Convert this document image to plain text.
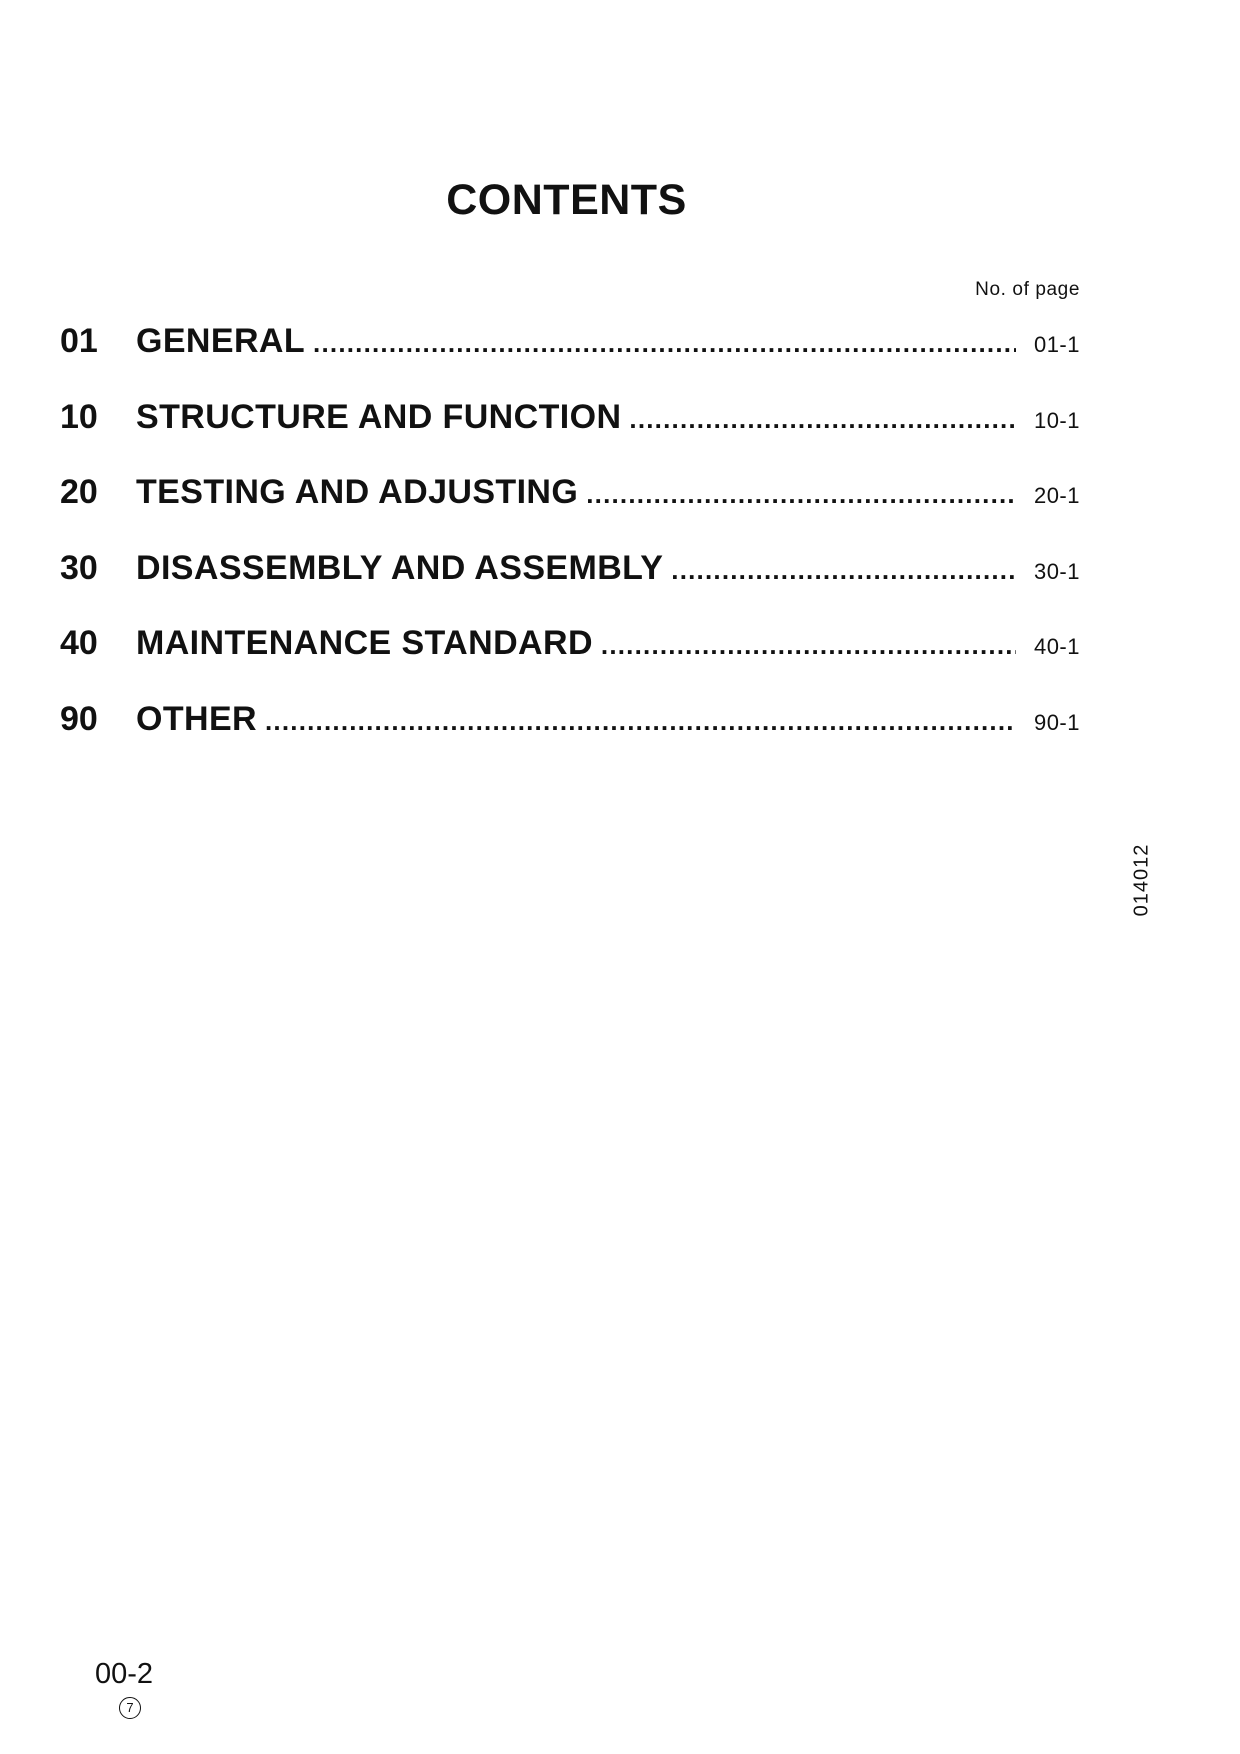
CONTENTS
No. of page
01	GENERAL .....	01-1
10	STRUCTURE AND FUNCTION .....	10-1
20	TESTING AND ADJUSTING .....	20-1
30	DISASSEMBLY AND ASSEMBLY .....	30-1
40	MAINTENANCE STANDARD .....	40-1
90	OTHER .....	90-1
014012
00-2
7
